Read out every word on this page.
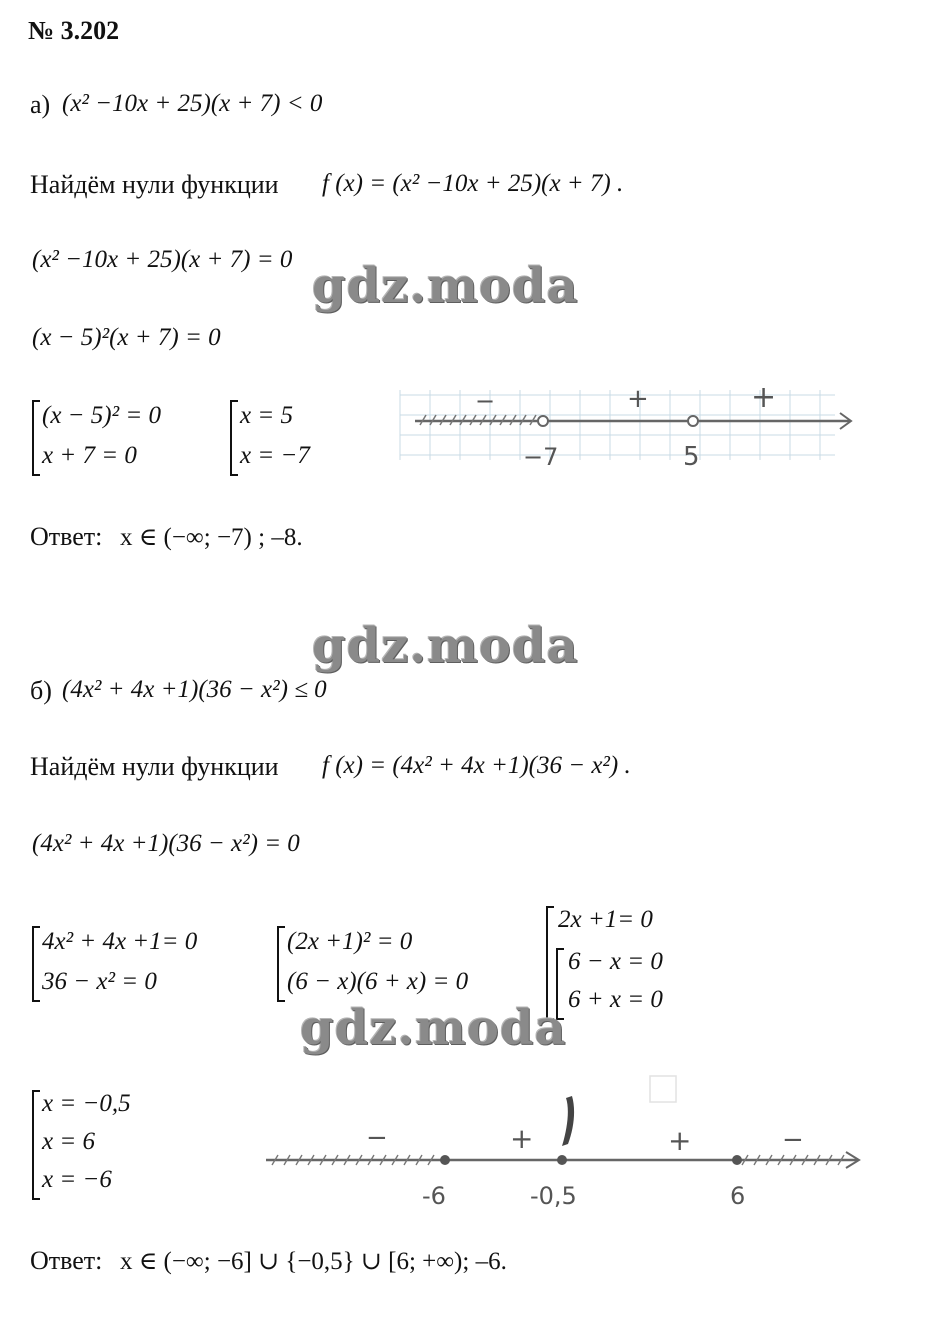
№ 3.202
а) (x² −10x + 25)(x + 7) < 0
Найдём нули функции f (x) = (x² −10x + 25)(x + 7) .
(x² −10x + 25)(x + 7) = 0 gdz.moda
(x − 5)²(x + 7) = 0
(x − 5)² = 0
x + 7 = 0
x = 5
x = −7
−	+	+
−7	5
Ответ: x ∈ (−∞; −7) ; –8.
gdz.moda
б) (4x² + 4x +1)(36 − x²) ≤ 0
Найдём нули функции f (x) = (4x² + 4x +1)(36 − x²) .
(4x² + 4x +1)(36 − x²) = 0
4x² + 4x +1= 0
36 − x² = 0
(2x +1)² = 0
(6 − x)(6 + x) = 0
2x +1= 0
6 − x = 0
6 + x = 0
gdz.moda
x = −0,5
x = 6
x = −6
−	+	+	−
-6	-0,5	6
Ответ: x ∈ (−∞; −6] ∪ {−0,5} ∪ [6; +∞); –6.
